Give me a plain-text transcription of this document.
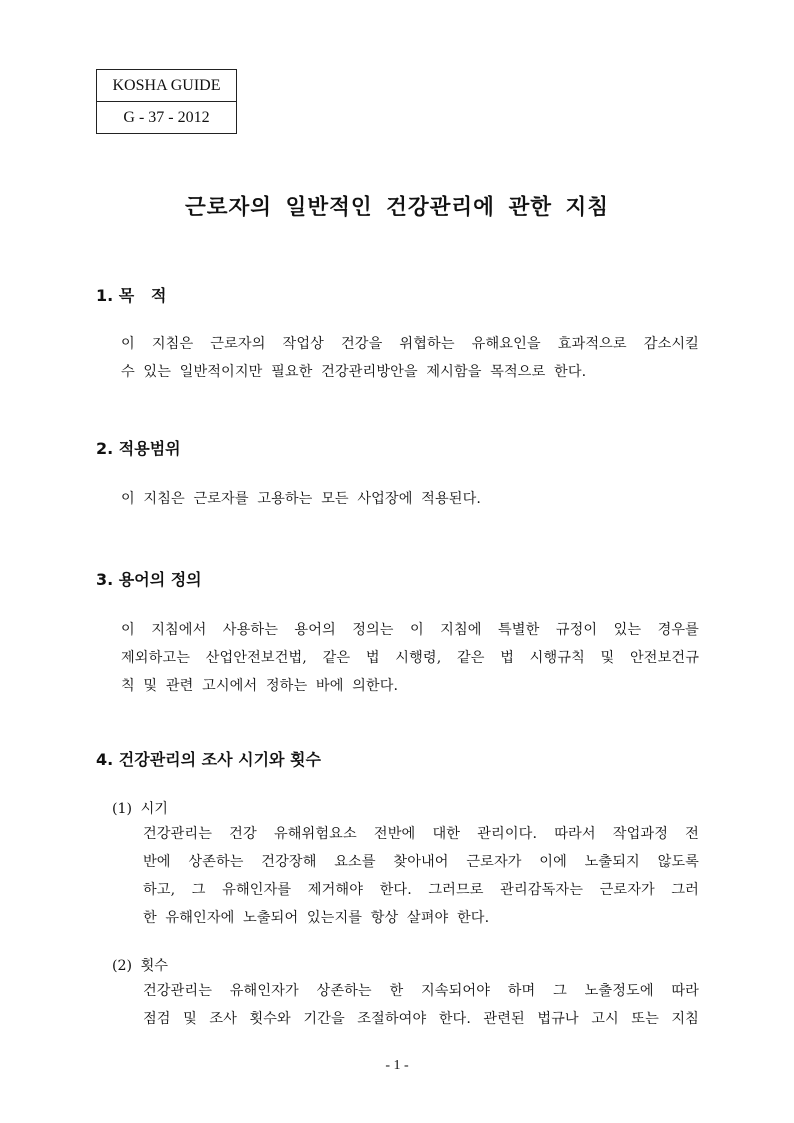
KOSHA GUIDE
G - 37 - 2012
근로자의 일반적인 건강관리에 관한 지침
1. 목   적
이 지침은 근로자의 작업상 건강을 위협하는 유해요인을 효과적으로 감소시킬
수 있는 일반적이지만 필요한 건강관리방안을 제시함을 목적으로 한다.
2. 적용범위
이 지침은 근로자를 고용하는 모든 사업장에 적용된다.
3. 용어의 정의
이 지침에서 사용하는 용어의 정의는 이 지침에 특별한 규정이 있는 경우를
제외하고는 산업안전보건법, 같은 법 시행령, 같은 법 시행규칙 및 안전보건규
칙 및 관련 고시에서 정하는 바에 의한다.
4. 건강관리의 조사 시기와 횟수
(1) 시기
건강관리는 건강 유해위험요소 전반에 대한 관리이다. 따라서 작업과정 전
반에 상존하는 건강장해 요소를 찾아내어 근로자가 이에 노출되지 않도록
하고, 그 유해인자를 제거해야 한다. 그러므로 관리감독자는 근로자가 그러
한 유해인자에 노출되어 있는지를 항상 살펴야 한다.
(2) 횟수
건강관리는 유해인자가 상존하는 한 지속되어야 하며 그 노출정도에 따라
점검 및 조사 횟수와 기간을 조절하여야 한다. 관련된 법규나 고시 또는 지침
- 1 -
